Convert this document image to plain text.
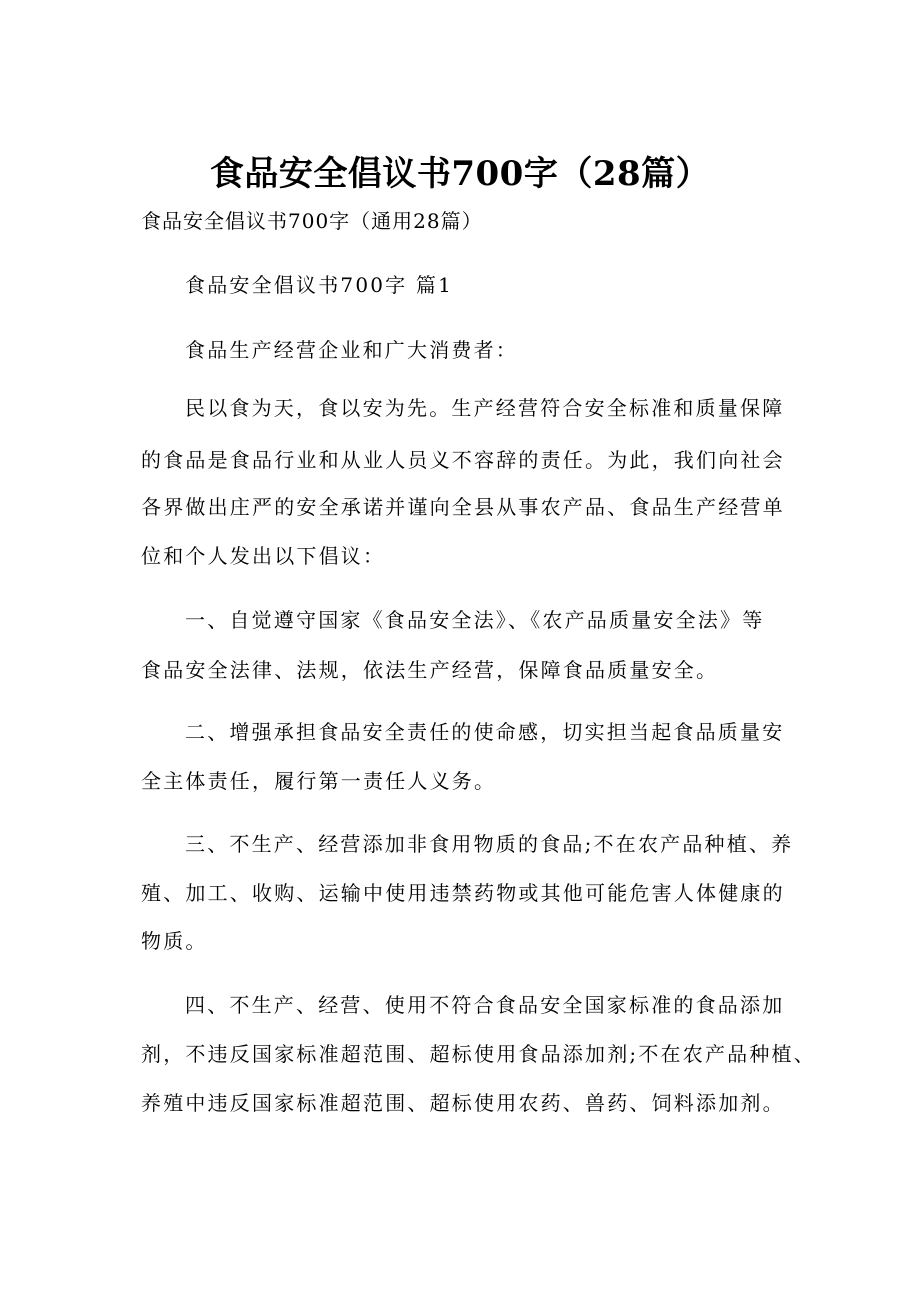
食品安全倡议书700字（28篇）

食品安全倡议书700字（通用28篇）

食品安全倡议书700字 篇1

食品生产经营企业和广大消费者：

民以食为天，食以安为先。生产经营符合安全标准和质量保障

的食品是食品行业和从业人员义不容辞的责任。为此，我们向社会

各界做出庄严的安全承诺并谨向全县从事农产品、食品生产经营单

位和个人发出以下倡议：

一、自觉遵守国家《食品安全法》、《农产品质量安全法》等

食品安全法律、法规，依法生产经营，保障食品质量安全。

二、增强承担食品安全责任的使命感，切实担当起食品质量安

全主体责任，履行第一责任人义务。

三、不生产、经营添加非食用物质的食品;不在农产品种植、养

殖、加工、收购、运输中使用违禁药物或其他可能危害人体健康的

物质。

四、不生产、经营、使用不符合食品安全国家标准的食品添加

剂，不违反国家标准超范围、超标使用食品添加剂;不在农产品种植、

养殖中违反国家标准超范围、超标使用农药、兽药、饲料添加剂。
